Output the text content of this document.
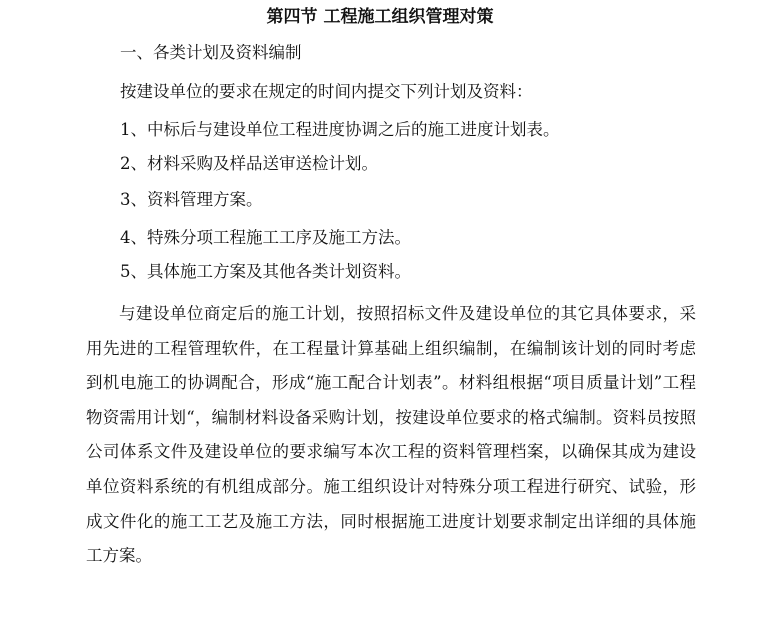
第四节 工程施工组织管理对策
一、各类计划及资料编制
按建设单位的要求在规定的时间内提交下列计划及资料：
1、中标后与建设单位工程进度协调之后的施工进度计划表。
2、材料采购及样品送审送检计划。
3、资料管理方案。
4、特殊分项工程施工工序及施工方法。
5、具体施工方案及其他各类计划资料。

与建设单位商定后的施工计划，按照招标文件及建设单位的其它具体要求，采用先进的工程管理软件，在工程量计算基础上组织编制，在编制该计划的同时考虑到机电施工的协调配合，形成“施工配合计划表”。材料组根据“项目质量计划”工程物资需用计划“，编制材料设备采购计划，按建设单位要求的格式编制。资料员按照公司体系文件及建设单位的要求编写本次工程的资料管理档案，以确保其成为建设单位资料系统的有机组成部分。施工组织设计对特殊分项工程进行研究、试验，形成文件化的施工工艺及施工方法，同时根据施工进度计划要求制定出详细的具体施工方案。
